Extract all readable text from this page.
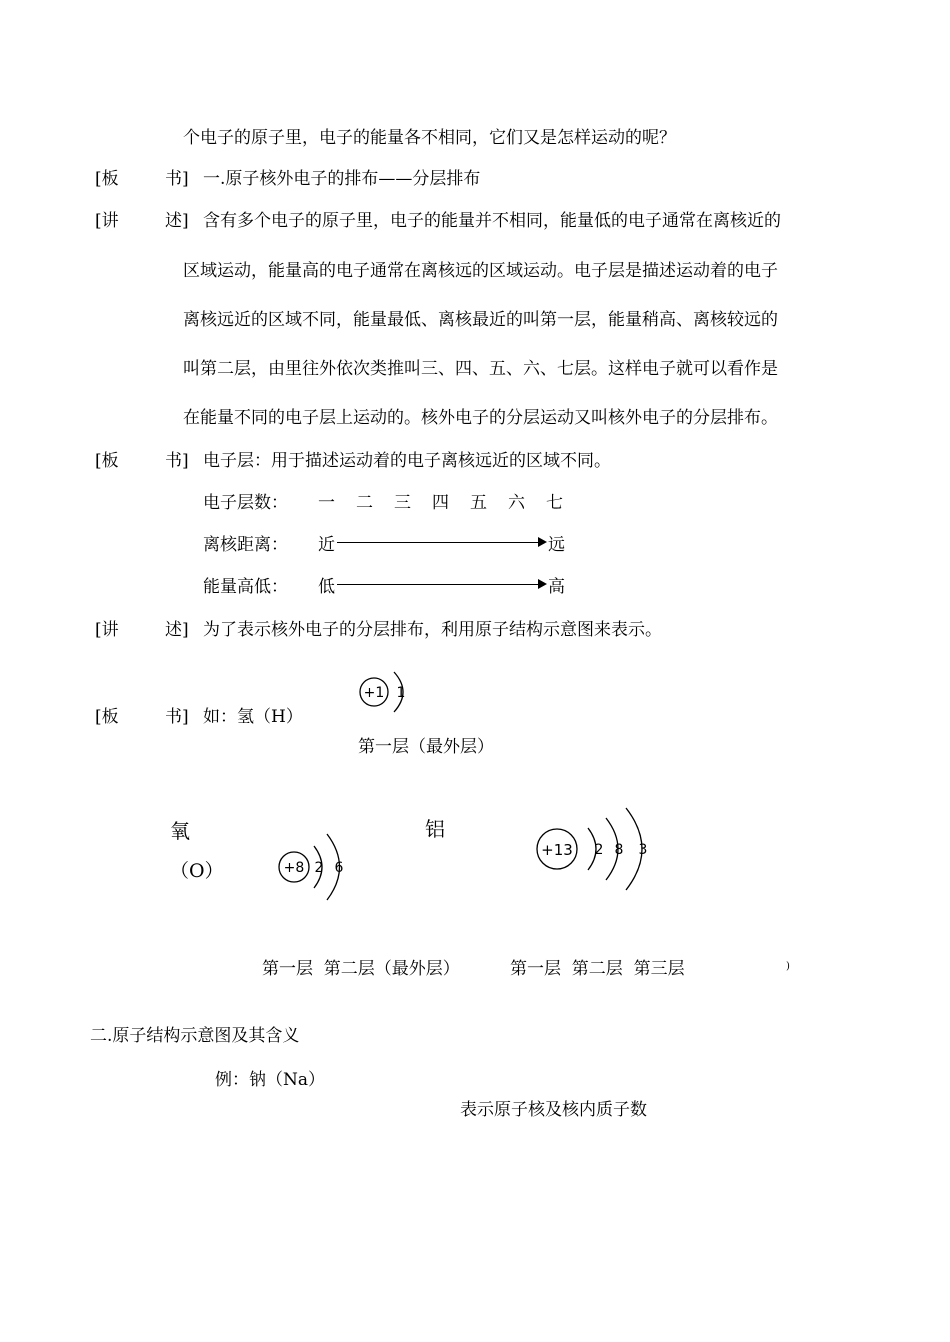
个电子的原子里，电子的能量各不相同，它们又是怎样运动的呢？
[板	书] 一.原子核外电子的排布——分层排布
[讲	述] 含有多个电子的原子里，电子的能量并不相同，能量低的电子通常在离核近的
区域运动，能量高的电子通常在离核远的区域运动。电子层是描述运动着的电子
离核远近的区域不同，能量最低、离核最近的叫第一层，能量稍高、离核较远的
叫第二层，由里往外依次类推叫三、四、五、六、七层。这样电子就可以看作是
在能量不同的电子层上运动的。核外电子的分层运动又叫核外电子的分层排布。
[板	书] 电子层：用于描述运动着的电子离核远近的区域不同。
电子层数： 一 二 三 四 五 六 七
离核距离： 近	远
能量高低： 低	高
[讲	述] 为了表示核外电子的分层排布，利用原子结构示意图来表示。
[板	书] 如：氢（H）
+1 1
第一层（最外层）
氧
（O）	+8 2 6
铝
+13 2 8 3
第一层  第二层（最外层）	第一层  第二层  第三层	)
二.原子结构示意图及其含义
例：钠（Na）
表示原子核及核内质子数
